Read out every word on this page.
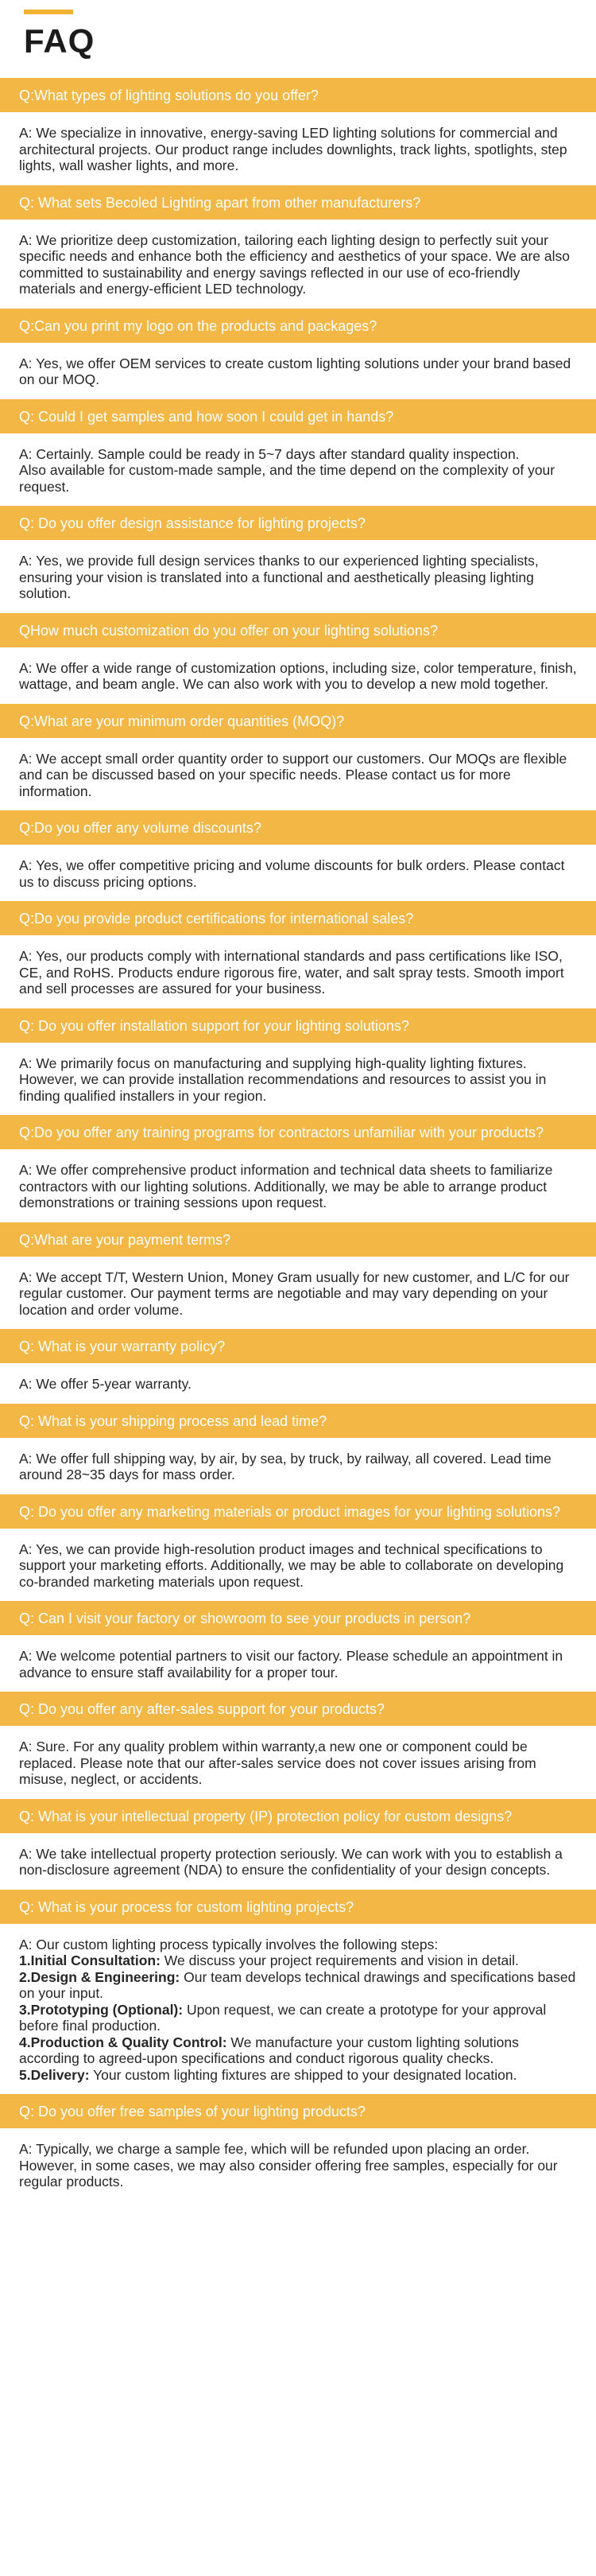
FAQ
Q:What types of lighting solutions do you offer?
A: We specialize in innovative, energy-saving LED lighting solutions for commercial and architectural projects. Our product range includes downlights, track lights, spotlights, step lights, wall washer lights, and more.
Q: What sets Becoled Lighting apart from other manufacturers?
A: We prioritize deep customization, tailoring each lighting design to perfectly suit your specific needs and enhance both the efficiency and aesthetics of your space. We are also committed to sustainability and energy savings reflected in our use of eco-friendly materials and energy-efficient LED technology.
Q:Can you print my logo on the products and packages?
A: Yes, we offer OEM services to create custom lighting solutions under your brand based on our MOQ.
Q: Could I get samples and how soon I could get in hands?
A: Certainly. Sample could be ready in 5~7 days after standard quality inspection.
Also available for custom-made sample, and the time depend on the complexity of your request.
Q: Do you offer design assistance for lighting projects?
A: Yes, we provide full design services thanks to our experienced lighting specialists, ensuring your vision is translated into a functional and aesthetically pleasing lighting solution.
QHow much customization do you offer on your lighting solutions?
A: We offer a wide range of customization options, including size, color temperature, finish, wattage, and beam angle. We can also work with you to develop a new mold together.
Q:What are your minimum order quantities (MOQ)?
A: We accept small order quantity order to support our customers. Our MOQs are flexible and can be discussed based on your specific needs. Please contact us for more information.
Q:Do you offer any volume discounts?
A: Yes, we offer competitive pricing and volume discounts for bulk orders. Please contact us to discuss pricing options.
Q:Do you provide product certifications for international sales?
A: Yes, our products comply with international standards and pass certifications like ISO, CE, and RoHS. Products endure rigorous fire, water, and salt spray tests. Smooth import and sell processes are assured for your business.
Q: Do you offer installation support for your lighting solutions?
A: We primarily focus on manufacturing and supplying high-quality lighting fixtures. However, we can provide installation recommendations and resources to assist you in finding qualified installers in your region.
Q:Do you offer any training programs for contractors unfamiliar with your products?
A: We offer comprehensive product information and technical data sheets to familiarize contractors with our lighting solutions. Additionally, we may be able to arrange product demonstrations or training sessions upon request.
Q:What are your payment terms?
A: We accept T/T, Western Union, Money Gram usually for new customer, and L/C for our regular customer. Our payment terms are negotiable and may vary depending on your location and order volume.
Q: What is your warranty policy?
A: We offer 5-year warranty.
Q: What is your shipping process and lead time?
A: We offer full shipping way, by air, by sea, by truck, by railway, all covered. Lead time around 28~35 days for mass order.
Q: Do you offer any marketing materials or product images for your lighting solutions?
A: Yes, we can provide high-resolution product images and technical specifications to support your marketing efforts. Additionally, we may be able to collaborate on developing co-branded marketing materials upon request.
Q: Can I visit your factory or showroom to see your products in person?
A: We welcome potential partners to visit our factory. Please schedule an appointment in advance to ensure staff availability for a proper tour.
Q: Do you offer any after-sales support for your products?
A: Sure. For any quality problem within warranty,a new one or component could be replaced. Please note that our after-sales service does not cover issues arising from misuse, neglect, or accidents.
Q: What is your intellectual property (IP) protection policy for custom designs?
A: We take intellectual property protection seriously. We can work with you to establish a non-disclosure agreement (NDA) to ensure the confidentiality of your design concepts.
Q: What is your process for custom lighting projects?
A: Our custom lighting process typically involves the following steps:
1.Initial Consultation: We discuss your project requirements and vision in detail.
2.Design & Engineering: Our team develops technical drawings and specifications based on your input.
3.Prototyping (Optional): Upon request, we can create a prototype for your approval before final production.
4.Production & Quality Control: We manufacture your custom lighting solutions according to agreed-upon specifications and conduct rigorous quality checks.
5.Delivery: Your custom lighting fixtures are shipped to your designated location.
Q: Do you offer free samples of your lighting products?
A: Typically, we charge a sample fee, which will be refunded upon placing an order. However, in some cases, we may also consider offering free samples, especially for our regular products.
